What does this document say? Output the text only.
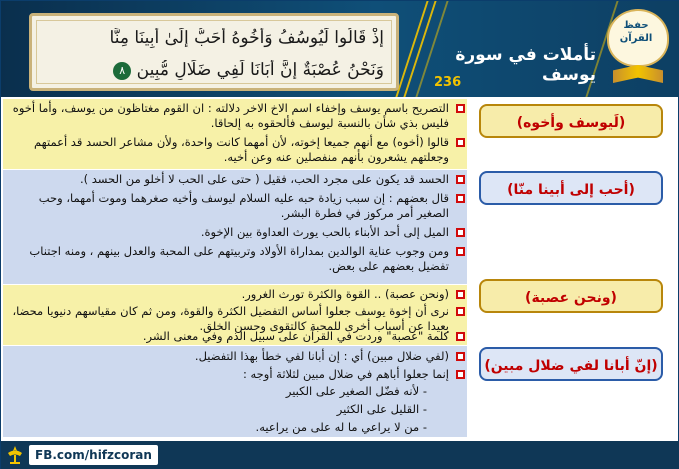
إِذْ قَالُوا لَيُوسُفُ وَأَخُوهُ أَحَبُّ إِلَىٰ أَبِينَا مِنَّا
وَنَحْنُ عُصْبَةٌ إِنَّ أَبَانَا لَفِي ضَلَالٍ مُّبِينٍ ٨
تأملات في سورة يوسف
236
حفظ القرآن
التصريح باسم يوسف وإخفاء اسم الاخ الاخر دلالته : ان القوم مغتاظون من يوسف، وأما أخوه فليس بذي شأن بالنسبة ليوسف فألحقوه به إلحاقا.
قالوا (أخوه) مع أنهم جميعا إخوته، لأن أمهما كانت واحدة، ولأن مشاعر الحسد قد أعمتهم وجعلتهم يشعرون بأنهم منفصلين عنه وعن أخيه.
الحسد قد يكون على مجرد الحب، فقيل ( حتى على الحب لا أخلو من الحسد ).
قال بعضهم : إن سبب زيادة حبه عليه السلام ليوسف وأخيه صغرهما وموت أمهما، وحب الصغير أمر مركوز في فطرة البشر.
الميل إلى أحد الأبناء بالحب يورث العداوة بين الإخوة.
ومن وجوب عناية الوالدين بمداراة الأولاد وتربيتهم على المحبة والعدل بينهم ، ومنه اجتناب تفضيل بعضهم على بعض.
(ونحن عصبة) .. القوة والكثرة تورث الغرور.
نرى أن إخوة يوسف جعلوا أساس التفضيل الكثرة والقوة، ومن ثم كان مقياسهم دنيويا محضا، بعيدا عن أسباب أخرى للمحبة كالتقوى وحسن الخلق.
كلمة "عصبة" وردت في القرآن على سبيل الذم وفي معنى الشر.
(لفي ضلال مبين) أي : إن أبانا لفي خطأ بهذا التفضيل.
إنما جعلوا أباهم في ضلال مبين لثلاثة أوجه :
- لأنه فضّل الصغير على الكبير
- القليل على الكثير
- من لا يراعي ما له على من يراعيه.
(لَيوسف وأخوه)
(أحب إلى أبينا منّا)
(ونحن عصبة)
(إنّ أبانا لفي ضلال مبين)
FB.com/hifzcoran
